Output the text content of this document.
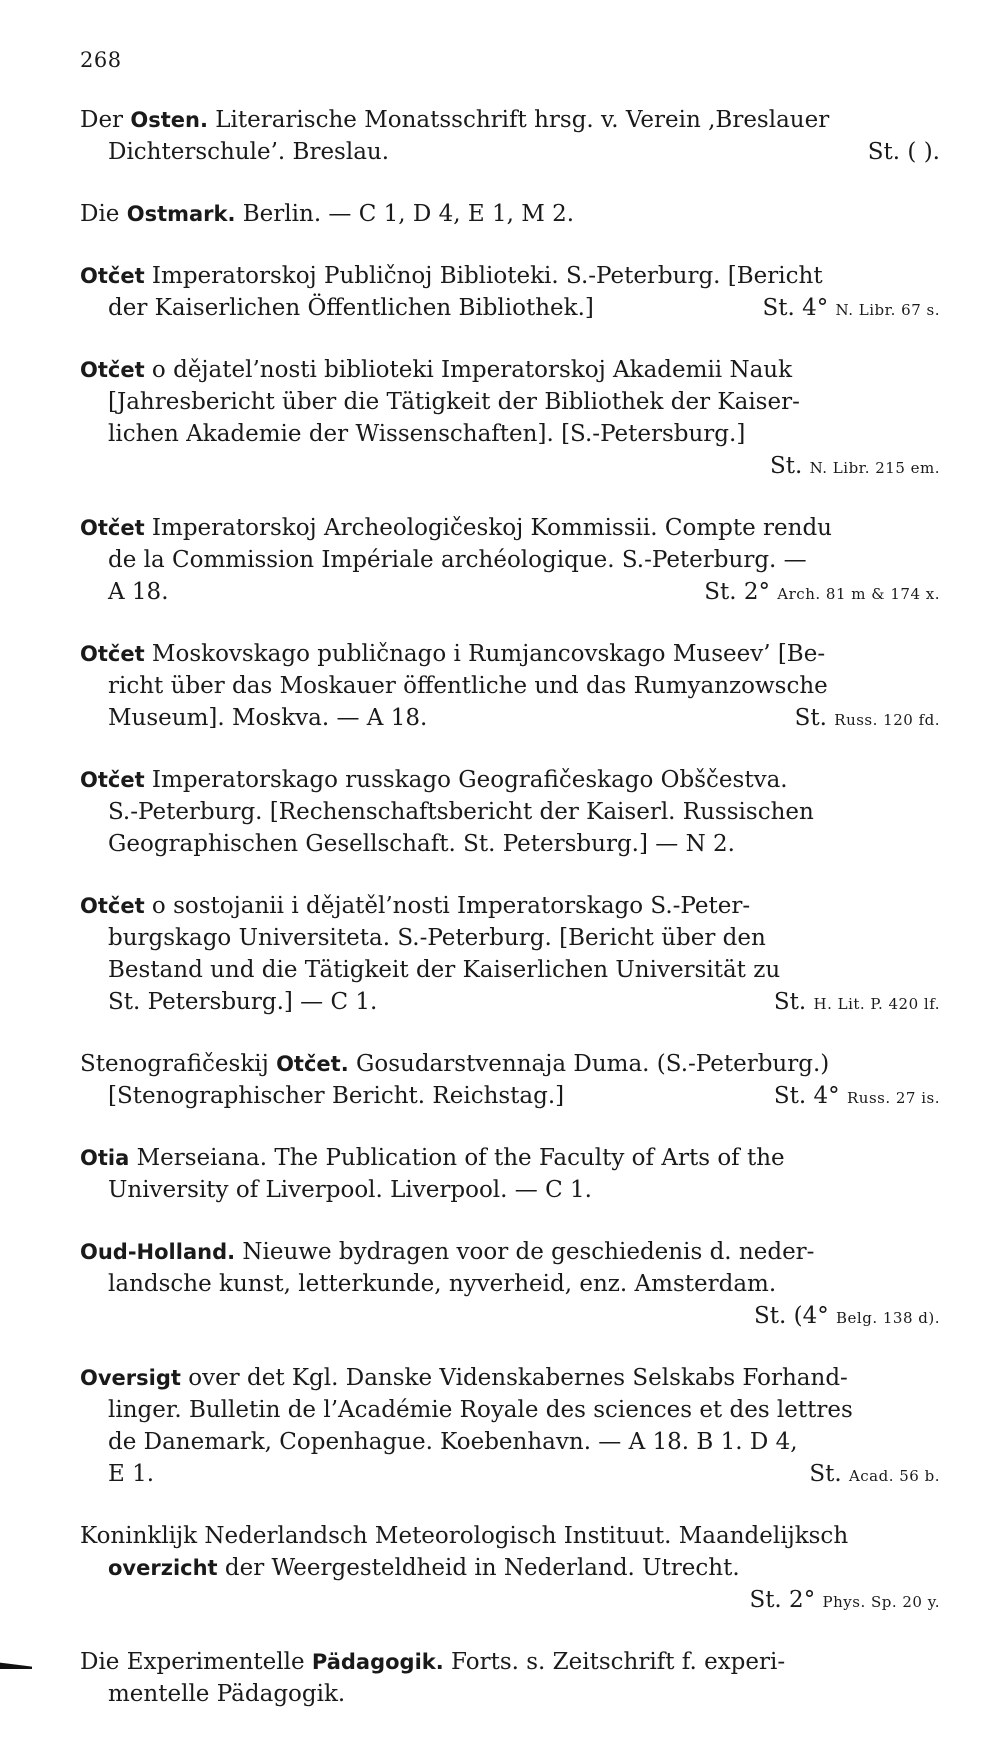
268
Der Osten. Literarische Monatsschrift hrsg. v. Verein ,Breslauer
Dichterschule’. Breslau.	St. ( ).
Die Ostmark. Berlin. — C 1, D 4, E 1, M 2.
Otčet Imperatorskoj Publičnoj Biblioteki. S.-Peterburg. [Bericht
der Kaiserlichen Öffentlichen Bibliothek.]	St. 4° N. Libr. 67 s.
Otčet o dějatel’nosti biblioteki Imperatorskoj Akademii Nauk
[Jahresbericht über die Tätigkeit der Bibliothek der Kaiser-
lichen Akademie der Wissenschaften]. [S.-Petersburg.]
St. N. Libr. 215 em.
Otčet Imperatorskoj Archeologičeskoj Kommissii. Compte rendu
de la Commission Impériale archéologique. S.-Peterburg. —
A 18.	St. 2° Arch. 81 m & 174 x.
Otčet Moskovskago publičnago i Rumjancovskago Museev’ [Be-
richt über das Moskauer öffentliche und das Rumyanzowsche
Museum]. Moskva. — A 18.	St. Russ. 120 fd.
Otčet Imperatorskago russkago Geografičeskago Obščestva.
S.-Peterburg. [Rechenschaftsbericht der Kaiserl. Russischen
Geographischen Gesellschaft. St. Petersburg.] — N 2.
Otčet o sostojanii i dějatěl’nosti Imperatorskago S.-Peter-
burgskago Universiteta. S.-Peterburg. [Bericht über den
Bestand und die Tätigkeit der Kaiserlichen Universität zu
St. Petersburg.] — C 1.	St. H. Lit. P. 420 lf.
Stenografičeskij Otčet. Gosudarstvennaja Duma. (S.-Peterburg.)
[Stenographischer Bericht. Reichstag.]	St. 4° Russ. 27 is.
Otia Merseiana. The Publication of the Faculty of Arts of the
University of Liverpool. Liverpool. — C 1.
Oud-Holland. Nieuwe bydragen voor de geschiedenis d. neder-
landsche kunst, letterkunde, nyverheid, enz. Amsterdam.
St. (4° Belg. 138 d).
Oversigt over det Kgl. Danske Videnskabernes Selskabs Forhand-
linger. Bulletin de l’Académie Royale des sciences et des lettres
de Danemark, Copenhague. Koebenhavn. — A 18. B 1. D 4,
E 1.	St. Acad. 56 b.
Koninklijk Nederlandsch Meteorologisch Instituut. Maandelijksch
overzicht der Weergesteldheid in Nederland. Utrecht.
St. 2° Phys. Sp. 20 y.
Die Experimentelle Pädagogik. Forts. s. Zeitschrift f. experi-
mentelle Pädagogik.
